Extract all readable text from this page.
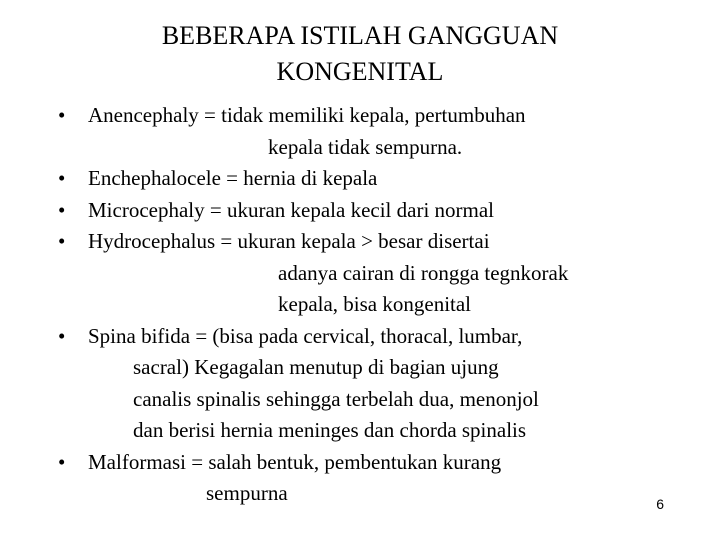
BEBERAPA ISTILAH GANGGUAN
KONGENITAL
• Anencephaly = tidak memiliki kepala, pertumbuhan
kepala tidak sempurna.
• Enchephalocele = hernia di kepala
• Microcephaly = ukuran kepala kecil dari normal
• Hydrocephalus = ukuran kepala > besar disertai
adanya cairan di rongga tegnkorak
kepala, bisa kongenital
• Spina bifida = (bisa pada cervical, thoracal, lumbar,
sacral) Kegagalan menutup di bagian ujung
canalis spinalis sehingga terbelah dua, menonjol
dan berisi hernia meninges dan chorda spinalis
• Malformasi = salah bentuk, pembentukan kurang
sempurna	6
